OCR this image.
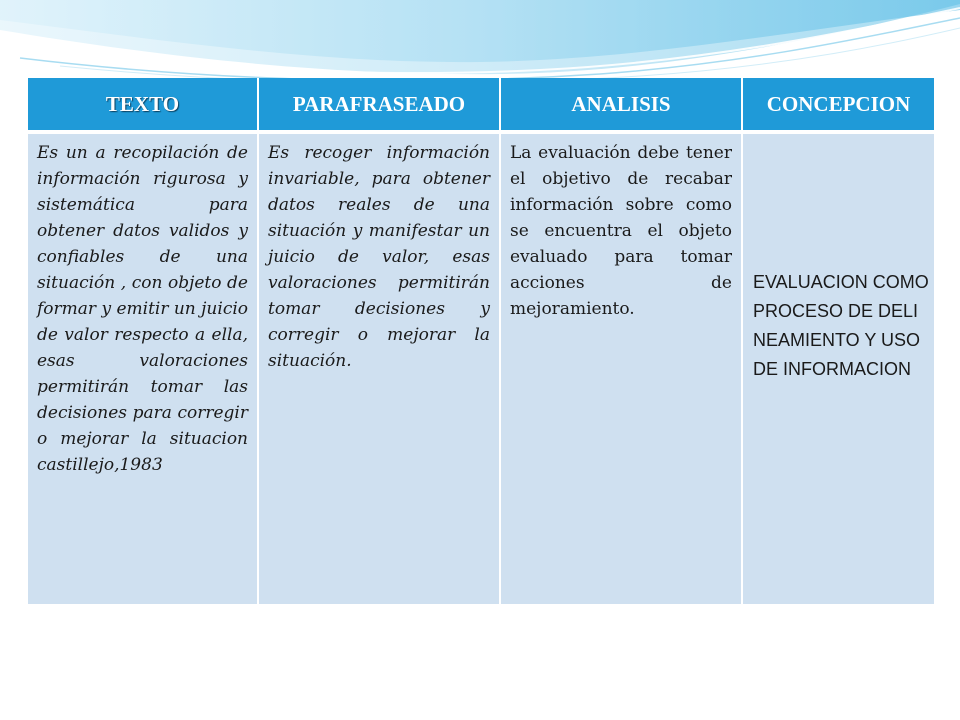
TEXTO	PARAFRASEADO	ANALISIS	CONCEPCION

Es un a recopilación de información rigurosa y sistemática para obtener datos validos y confiables de una situación , con objeto de formar y emitir un juicio de valor respecto a ella, esas valoraciones permitirán tomar las decisiones para corregir o mejorar la situacion castillejo,1983	Es recoger información invariable, para obtener datos reales de una situación y manifestar un juicio de valor, esas valoraciones permitirán tomar decisiones y corregir o mejorar la situación.	La evaluación debe tener el objetivo de recabar información sobre como se encuentra el objeto evaluado para tomar acciones de mejoramiento.	EVALUACION COMO PROCESO DE DELINEAMIENTO Y USO DE INFORMACION
